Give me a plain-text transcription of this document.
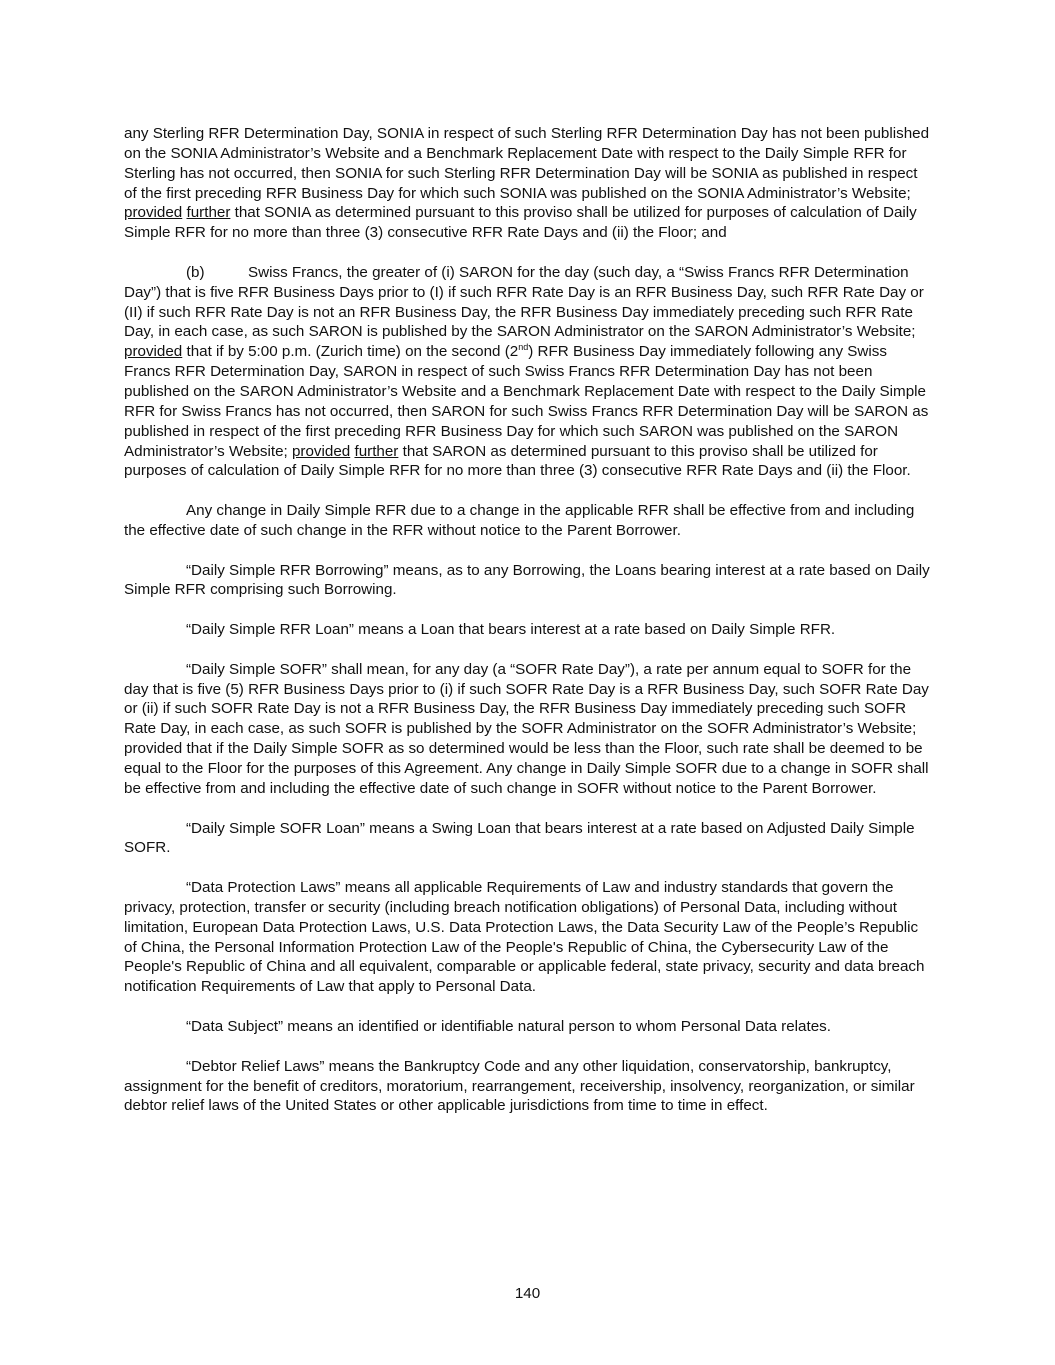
any Sterling RFR Determination Day, SONIA in respect of such Sterling RFR Determination Day has not been published on the SONIA Administrator’s Website and a Benchmark Replacement Date with respect to the Daily Simple RFR for Sterling has not occurred, then SONIA for such Sterling RFR Determination Day will be SONIA as published in respect of the first preceding RFR Business Day for which such SONIA was published on the SONIA Administrator’s Website; provided further that SONIA as determined pursuant to this proviso shall be utilized for purposes of calculation of Daily Simple RFR for no more than three (3) consecutive RFR Rate Days and (ii) the Floor; and

(b)	Swiss Francs, the greater of (i) SARON for the day (such day, a “Swiss Francs RFR Determination Day”) that is five RFR Business Days prior to (I) if such RFR Rate Day is an RFR Business Day, such RFR Rate Day or (II) if such RFR Rate Day is not an RFR Business Day, the RFR Business Day immediately preceding such RFR Rate Day, in each case, as such SARON is published by the SARON Administrator on the SARON Administrator’s Website; provided that if by 5:00 p.m. (Zurich time) on the second (2nd) RFR Business Day immediately following any Swiss Francs RFR Determination Day, SARON in respect of such Swiss Francs RFR Determination Day has not been published on the SARON Administrator’s Website and a Benchmark Replacement Date with respect to the Daily Simple RFR for Swiss Francs has not occurred, then SARON for such Swiss Francs RFR Determination Day will be SARON as published in respect of the first preceding RFR Business Day for which such SARON was published on the SARON Administrator’s Website; provided further that SARON as determined pursuant to this proviso shall be utilized for purposes of calculation of Daily Simple RFR for no more than three (3) consecutive RFR Rate Days and (ii) the Floor.

Any change in Daily Simple RFR due to a change in the applicable RFR shall be effective from and including the effective date of such change in the RFR without notice to the Parent Borrower.

“Daily Simple RFR Borrowing” means, as to any Borrowing, the Loans bearing interest at a rate based on Daily Simple RFR comprising such Borrowing.

“Daily Simple RFR Loan” means a Loan that bears interest at a rate based on Daily Simple RFR.

“Daily Simple SOFR” shall mean, for any day (a “SOFR Rate Day”), a rate per annum equal to SOFR for the day that is five (5) RFR Business Days prior to (i) if such SOFR Rate Day is a RFR Business Day, such SOFR Rate Day or (ii) if such SOFR Rate Day is not a RFR Business Day, the RFR Business Day immediately preceding such SOFR Rate Day, in each case, as such SOFR is published by the SOFR Administrator on the SOFR Administrator’s Website; provided that if the Daily Simple SOFR as so determined would be less than the Floor, such rate shall be deemed to be equal to the Floor for the purposes of this Agreement. Any change in Daily Simple SOFR due to a change in SOFR shall be effective from and including the effective date of such change in SOFR without notice to the Parent Borrower.

“Daily Simple SOFR Loan” means a Swing Loan that bears interest at a rate based on Adjusted Daily Simple SOFR.

“Data Protection Laws” means all applicable Requirements of Law and industry standards that govern the privacy, protection, transfer or security (including breach notification obligations) of Personal Data, including without limitation, European Data Protection Laws, U.S. Data Protection Laws, the Data Security Law of the People’s Republic of China, the Personal Information Protection Law of the People's Republic of China, the Cybersecurity Law of the People's Republic of China and all equivalent, comparable or applicable federal, state privacy, security and data breach notification Requirements of Law that apply to Personal Data.

“Data Subject” means an identified or identifiable natural person to whom Personal Data relates.

“Debtor Relief Laws” means the Bankruptcy Code and any other liquidation, conservatorship, bankruptcy, assignment for the benefit of creditors, moratorium, rearrangement, receivership, insolvency, reorganization, or similar debtor relief laws of the United States or other applicable jurisdictions from time to time in effect.

140
